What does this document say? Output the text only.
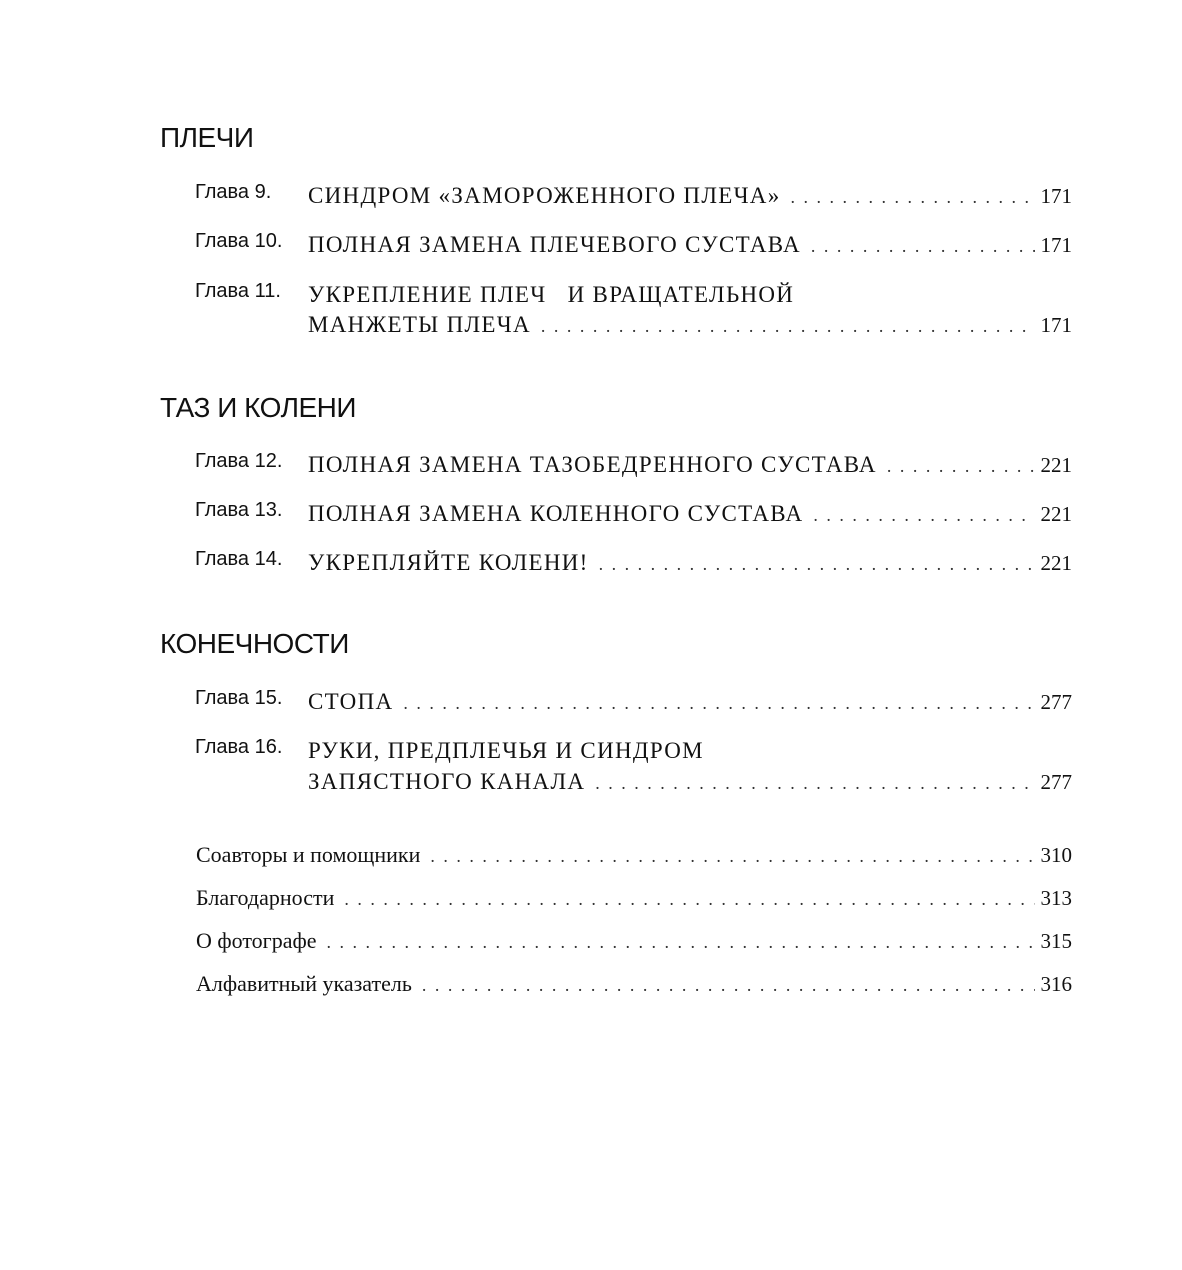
ПЛЕЧИ
Глава 9. СИНДРОМ «ЗАМОРОЖЕННОГО ПЛЕЧА» . . .	171
Глава 10. ПОЛНАЯ ЗАМЕНА ПЛЕЧЕВОГО СУСТАВА . . .	171
Глава 11. УКРЕПЛЕНИЕ ПЛЕЧ   И ВРАЩАТЕЛЬНОЙ
МАНЖЕТЫ ПЛЕЧА . . .	171
ТАЗ И КОЛЕНИ
Глава 12. ПОЛНАЯ ЗАМЕНА ТАЗОБЕДРЕННОГО СУСТАВА . . .	221
Глава 13. ПОЛНАЯ ЗАМЕНА КОЛЕННОГО СУСТАВА . . .	221
Глава 14. УКРЕПЛЯЙТЕ КОЛЕНИ! . . .	221
КОНЕЧНОСТИ
Глава 15. СТОПА . . .	277
Глава 16. РУКИ, ПРЕДПЛЕЧЬЯ И СИНДРОМ
ЗАПЯСТНОГО КАНАЛА . . .	277
Соавторы и помощники . . .	310
Благодарности . . .	313
О фотографе . . .	315
Алфавитный указатель . . .	316
